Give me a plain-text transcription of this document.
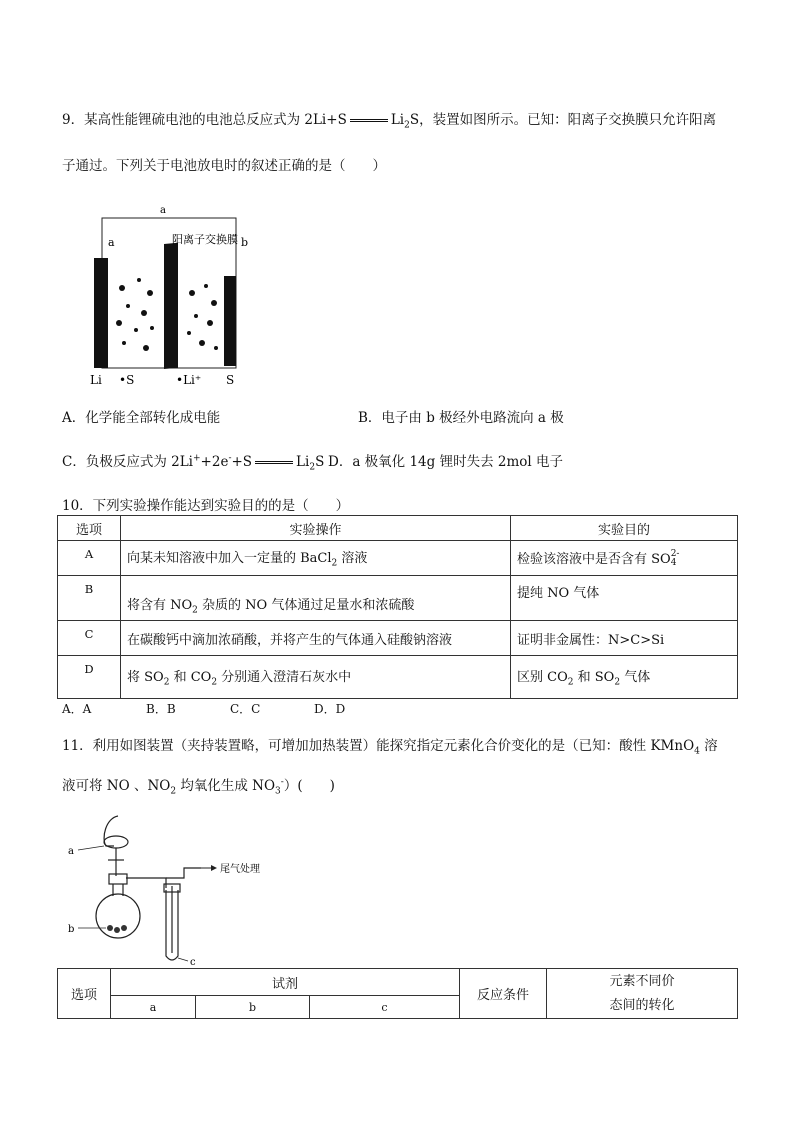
9．某高性能锂硫电池的电池总反应式为 2Li+S	$Li_2S$，装置如图所示。已知：阳离子交换膜只允许阳离
子通过。下列关于电池放电时的叙述正确的是（　　）
a
a	b
阳离子交换膜
Li •S	•Li⁺ S
A．化学能全部转化成电能	B．电子由 b 极经外电路流向 a 极
C．负极反应式为 2Li++2e-+S	$Li_2S$ D．a 极氧化 14g 锂时失去 2mol 电子
10．下列实验操作能达到实验目的的是（　　）
选项	实验操作	实验目的
A	向某未知溶液中加入一定量的 BaCl$_2$ 溶液	检验该溶液中是否含有 SO 2-
4

B	将含有 $NO_2$ 杂质的 NO 气体通过足量水和浓硫酸	提纯 NO 气体
C	在碳酸钙中滴加浓硝酸，并将产生的气体通入硅酸钠溶液	证明非金属性：N>C>Si
D	将 $SO_2$ 和 $CO_2$ 分别通入澄清石灰水中	区别 $CO_2$ 和 $SO_2$ 气体
A．A	B．B	C．C	D．D
11．利用如图装置（夹持装置略，可增加加热装置）能探究指定元素化合价变化的是（已知：酸性 KMnO$_4$ 溶
液可将 NO 、$NO_2$ 均氧化生成 $NO_3^-$）(　　)
a
b
c
尾气处理
选项	试剂			反应条件	元素不同价
态间的转化

	a	b	c		
